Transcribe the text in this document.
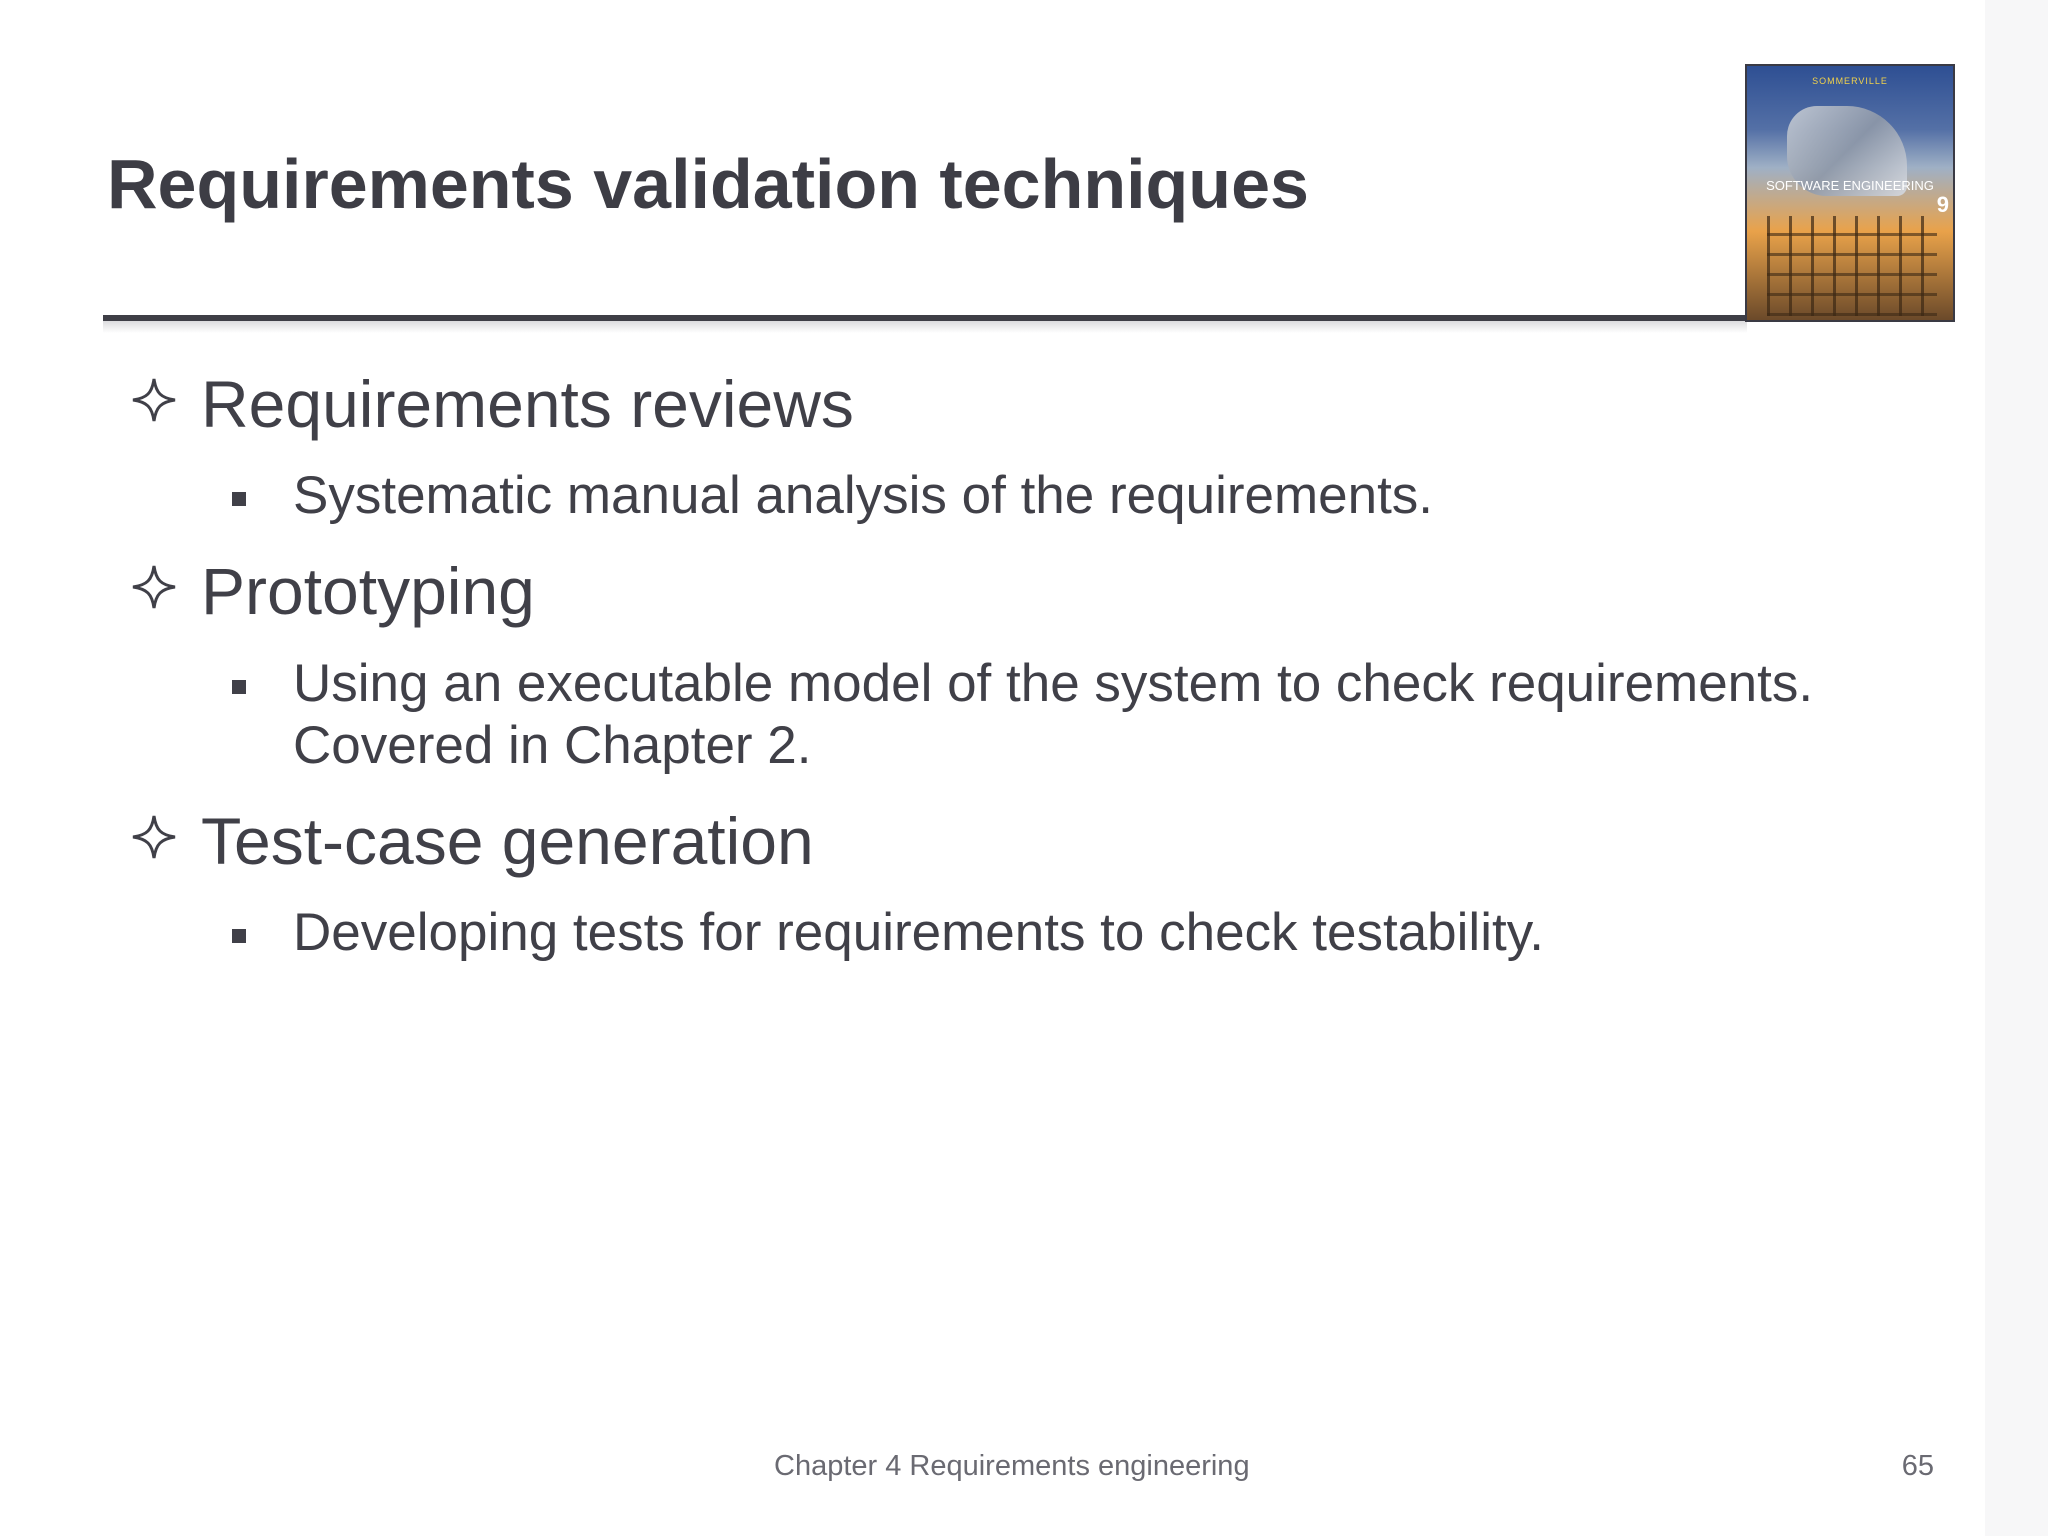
Requirements validation techniques
SOMMERVILLE
SOFTWARE ENGINEERING
9
Requirements reviews
Systematic manual analysis of the requirements.
Prototyping
Using an executable model of the system to check requirements.
Covered in Chapter 2.
Test-case generation
Developing tests for requirements to check testability.
Chapter 4 Requirements engineering	65
